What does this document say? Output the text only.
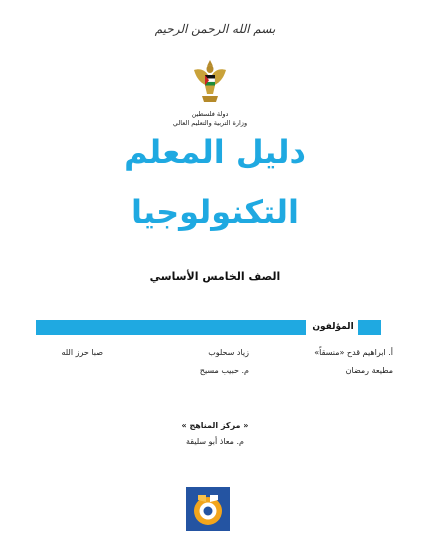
بسم الله الرحمن الرحيم
دولة فلسطين
وزارة التربية والتعليم العالي
دليل المعلم
التكنولوجيا
الصف الخامس الأساسي
المؤلفون
أ. ابراهيم قدح «منسقاً»
زياد سحلوب
صبا حرز الله
مطيعة رمضان
م. حبيب مسيح
« مركز المناهج »
م. معاذ أبو سليقة
